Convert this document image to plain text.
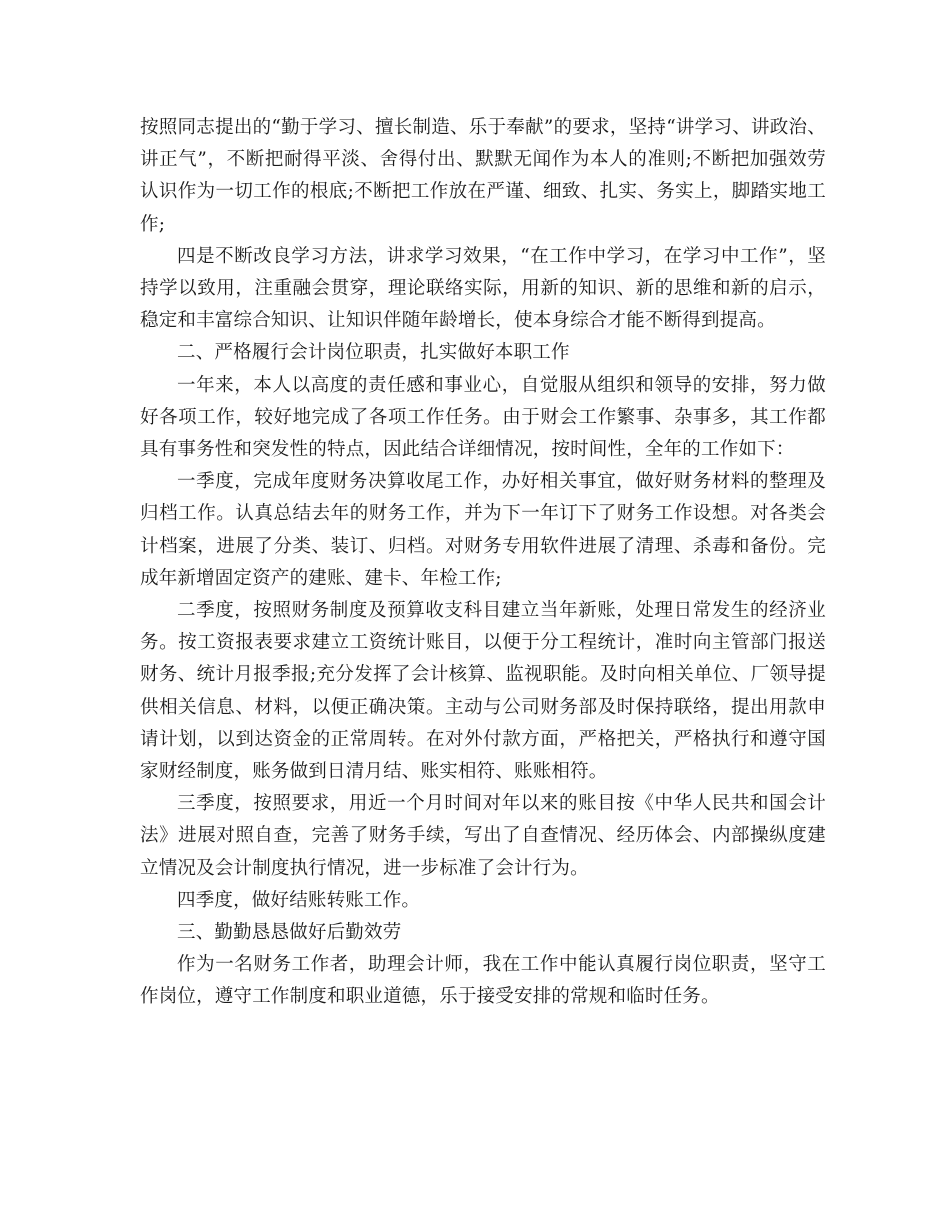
按照同志提出的“勤于学习、擅长制造、乐于奉献”的要求，坚持“讲学习、讲政治、讲正气”，不断把耐得平淡、舍得付出、默默无闻作为本人的准则;不断把加强效劳认识作为一切工作的根底;不断把工作放在严谨、细致、扎实、务实上，脚踏实地工作;

四是不断改良学习方法，讲求学习效果，“在工作中学习，在学习中工作”，坚持学以致用，注重融会贯穿，理论联络实际，用新的知识、新的思维和新的启示，稳定和丰富综合知识、让知识伴随年龄增长，使本身综合才能不断得到提高。

二、严格履行会计岗位职责，扎实做好本职工作

一年来，本人以高度的责任感和事业心，自觉服从组织和领导的安排，努力做好各项工作，较好地完成了各项工作任务。由于财会工作繁事、杂事多，其工作都具有事务性和突发性的特点，因此结合详细情况，按时间性，全年的工作如下：

一季度，完成年度财务决算收尾工作，办好相关事宜，做好财务材料的整理及归档工作。认真总结去年的财务工作，并为下一年订下了财务工作设想。对各类会计档案，进展了分类、装订、归档。对财务专用软件进展了清理、杀毒和备份。完成年新增固定资产的建账、建卡、年检工作;

二季度，按照财务制度及预算收支科目建立当年新账，处理日常发生的经济业务。按工资报表要求建立工资统计账目，以便于分工程统计，准时向主管部门报送财务、统计月报季报;充分发挥了会计核算、监视职能。及时向相关单位、厂领导提供相关信息、材料，以便正确决策。主动与公司财务部及时保持联络，提出用款申请计划，以到达资金的正常周转。在对外付款方面，严格把关，严格执行和遵守国家财经制度，账务做到日清月结、账实相符、账账相符。

三季度，按照要求，用近一个月时间对年以来的账目按《中华人民共和国会计法》进展对照自查，完善了财务手续，写出了自查情况、经历体会、内部操纵度建立情况及会计制度执行情况，进一步标准了会计行为。

四季度，做好结账转账工作。

三、勤勤恳恳做好后勤效劳

作为一名财务工作者，助理会计师，我在工作中能认真履行岗位职责，坚守工作岗位，遵守工作制度和职业道德，乐于接受安排的常规和临时任务。
